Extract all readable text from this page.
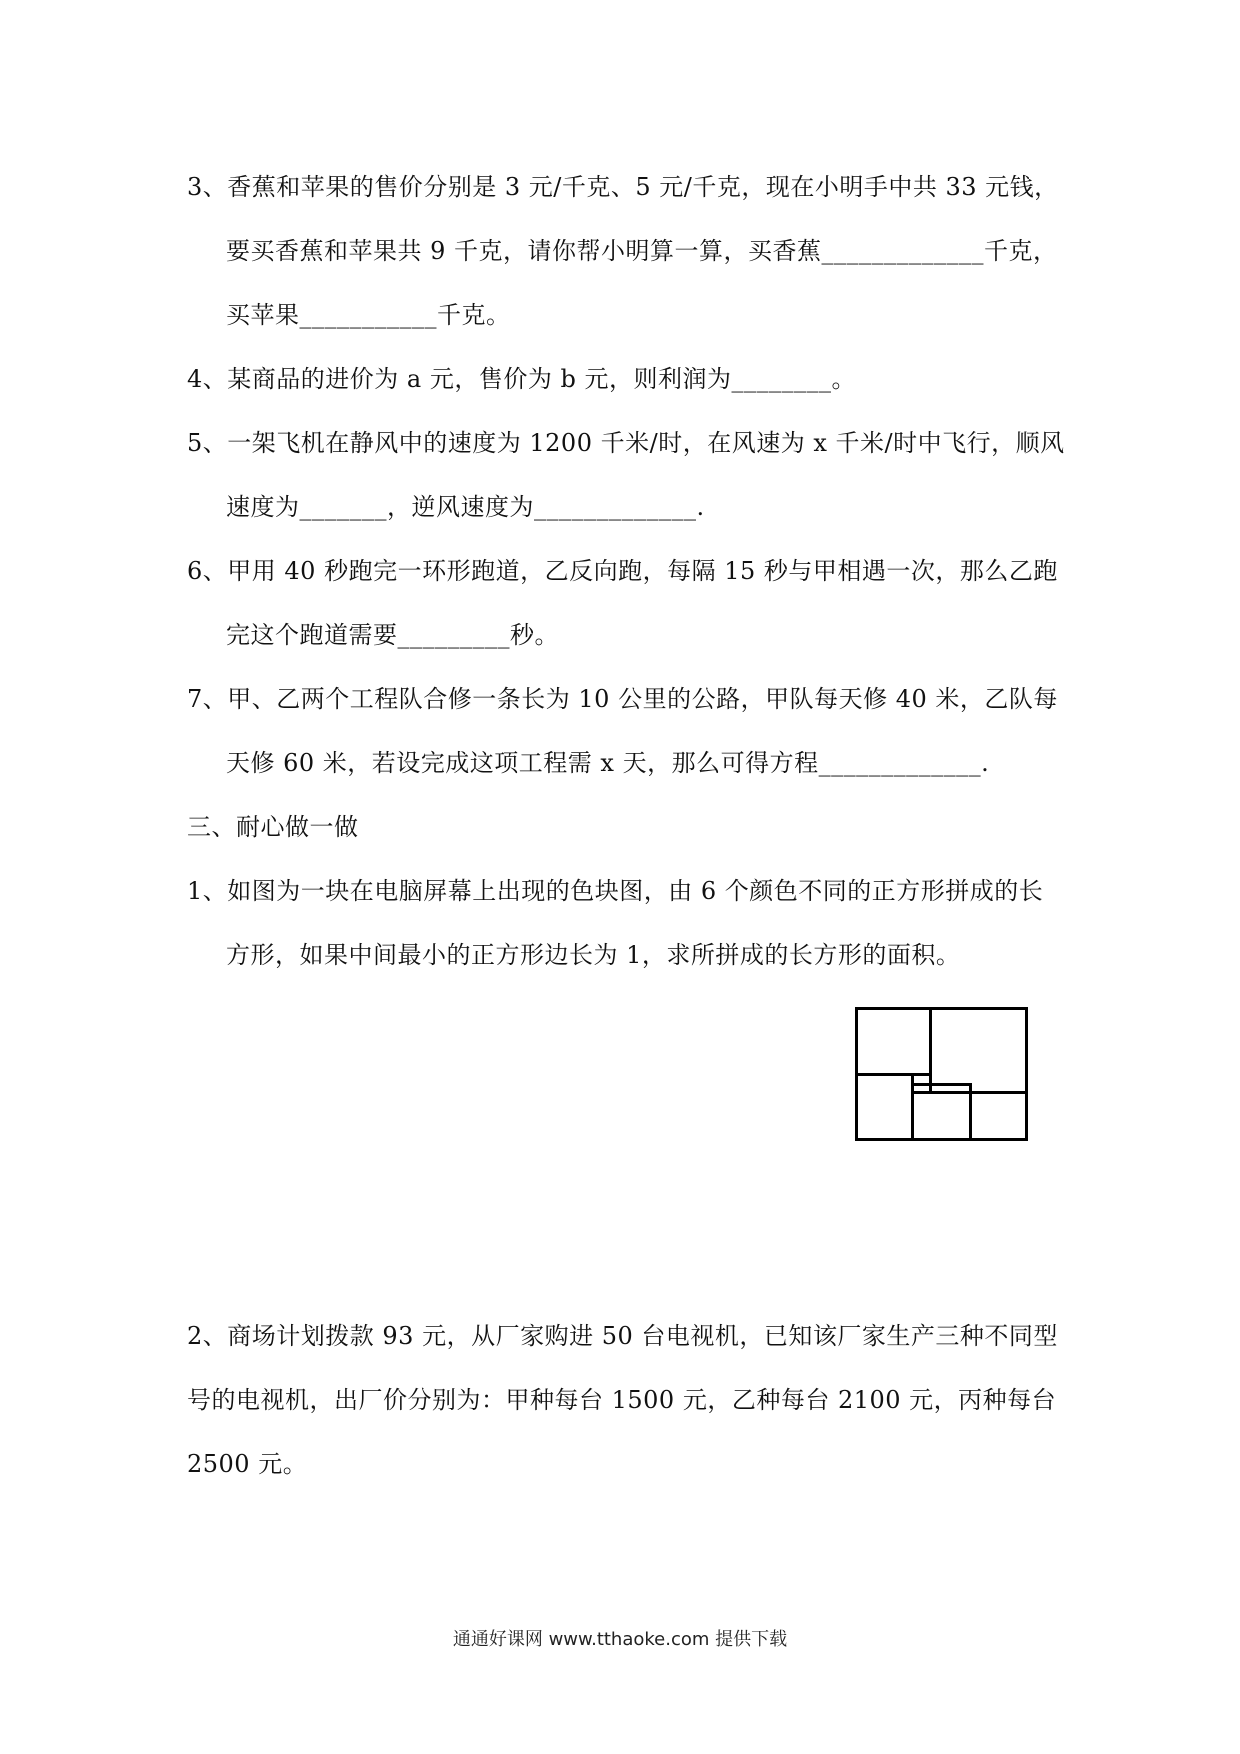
3、香蕉和苹果的售价分别是 3 元/千克、5 元/千克，现在小明手中共 33 元钱，
要买香蕉和苹果共 9 千克，请你帮小明算一算，买香蕉_____________千克，
买苹果___________千克。
4、某商品的进价为 a 元，售价为 b 元，则利润为________。
5、一架飞机在静风中的速度为 1200 千米/时，在风速为 x 千米/时中飞行，顺风
速度为_______，逆风速度为_____________.
6、甲用 40 秒跑完一环形跑道，乙反向跑，每隔 15 秒与甲相遇一次，那么乙跑
完这个跑道需要_________秒。
7、甲、乙两个工程队合修一条长为 10 公里的公路，甲队每天修 40 米，乙队每
天修 60 米，若设完成这项工程需 x 天，那么可得方程_____________.
三、耐心做一做
1、如图为一块在电脑屏幕上出现的色块图，由 6 个颜色不同的正方形拼成的长
方形，如果中间最小的正方形边长为 1，求所拼成的长方形的面积。
2、商场计划拨款 93 元，从厂家购进 50 台电视机，已知该厂家生产三种不同型
号的电视机，出厂价分别为：甲种每台 1500 元，乙种每台 2100 元，丙种每台
2500 元。
通通好课网 www.tthaoke.com 提供下载
